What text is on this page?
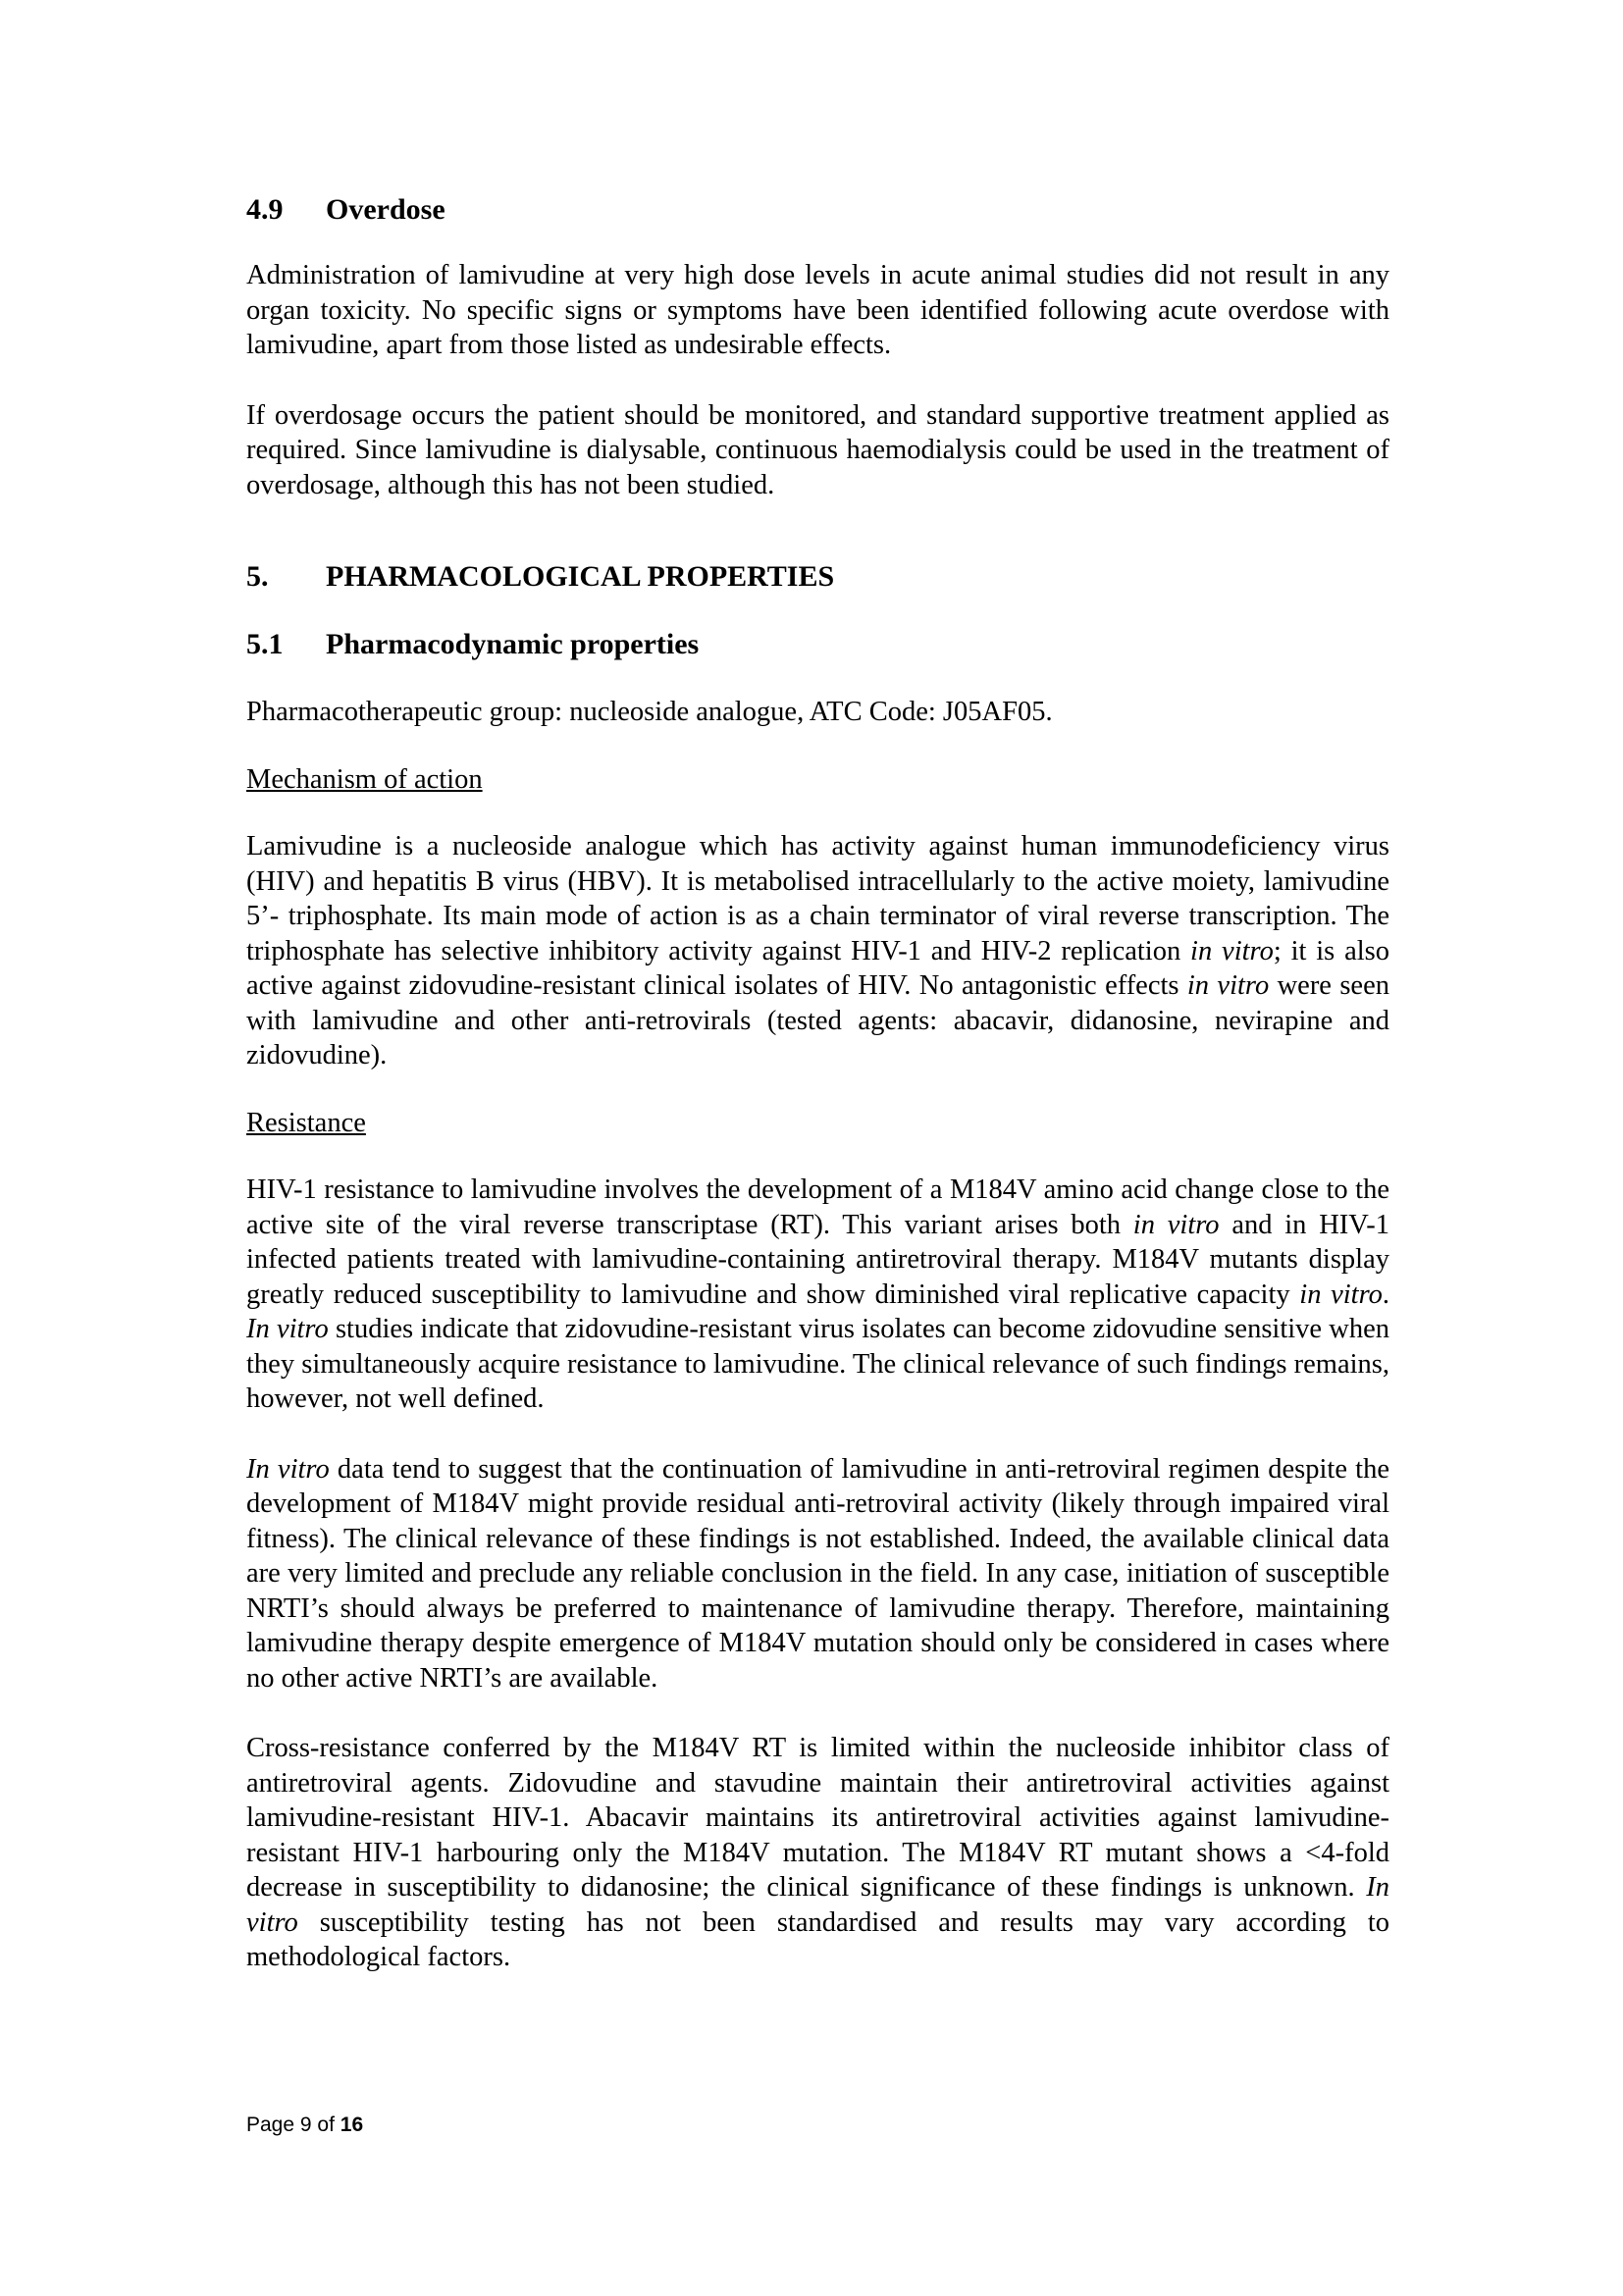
4.9	Overdose

Administration of lamivudine at very high dose levels in acute animal studies did not result in any organ toxicity. No specific signs or symptoms have been identified following acute overdose with lamivudine, apart from those listed as undesirable effects.

If overdosage occurs the patient should be monitored, and standard supportive treatment applied as required. Since lamivudine is dialysable, continuous haemodialysis could be used in the treatment of overdosage, although this has not been studied.

5.	PHARMACOLOGICAL PROPERTIES
5.1	Pharmacodynamic properties

Pharmacotherapeutic group: nucleoside analogue, ATC Code: J05AF05.

Mechanism of action

Lamivudine is a nucleoside analogue which has activity against human immunodeficiency virus (HIV) and hepatitis B virus (HBV). It is metabolised intracellularly to the active moiety, lamivudine 5’- triphosphate. Its main mode of action is as a chain terminator of viral reverse transcription. The triphosphate has selective inhibitory activity against HIV-1 and HIV-2 replication in vitro; it is also active against zidovudine-resistant clinical isolates of HIV. No antagonistic effects in vitro were seen with lamivudine and other anti-retrovirals (tested agents: abacavir, didanosine, nevirapine and zidovudine).

Resistance

HIV-1 resistance to lamivudine involves the development of a M184V amino acid change close to the active site of the viral reverse transcriptase (RT). This variant arises both in vitro and in HIV-1 infected patients treated with lamivudine-containing antiretroviral therapy. M184V mutants display greatly reduced susceptibility to lamivudine and show diminished viral replicative capacity in vitro. In vitro studies indicate that zidovudine-resistant virus isolates can become zidovudine sensitive when they simultaneously acquire resistance to lamivudine. The clinical relevance of such findings remains, however, not well defined.

In vitro data tend to suggest that the continuation of lamivudine in anti-retroviral regimen despite the development of M184V might provide residual anti-retroviral activity (likely through impaired viral fitness). The clinical relevance of these findings is not established. Indeed, the available clinical data are very limited and preclude any reliable conclusion in the field. In any case, initiation of susceptible NRTI’s should always be preferred to maintenance of lamivudine therapy. Therefore, maintaining lamivudine therapy despite emergence of M184V mutation should only be considered in cases where no other active NRTI’s are available.

Cross-resistance conferred by the M184V RT is limited within the nucleoside inhibitor class of antiretroviral agents. Zidovudine and stavudine maintain their antiretroviral activities against lamivudine-resistant HIV-1. Abacavir maintains its antiretroviral activities against lamivudine-resistant HIV-1 harbouring only the M184V mutation. The M184V RT mutant shows a <4-fold decrease in susceptibility to didanosine; the clinical significance of these findings is unknown. In vitro susceptibility testing has not been standardised and results may vary according to methodological factors.

Page 9 of 16
